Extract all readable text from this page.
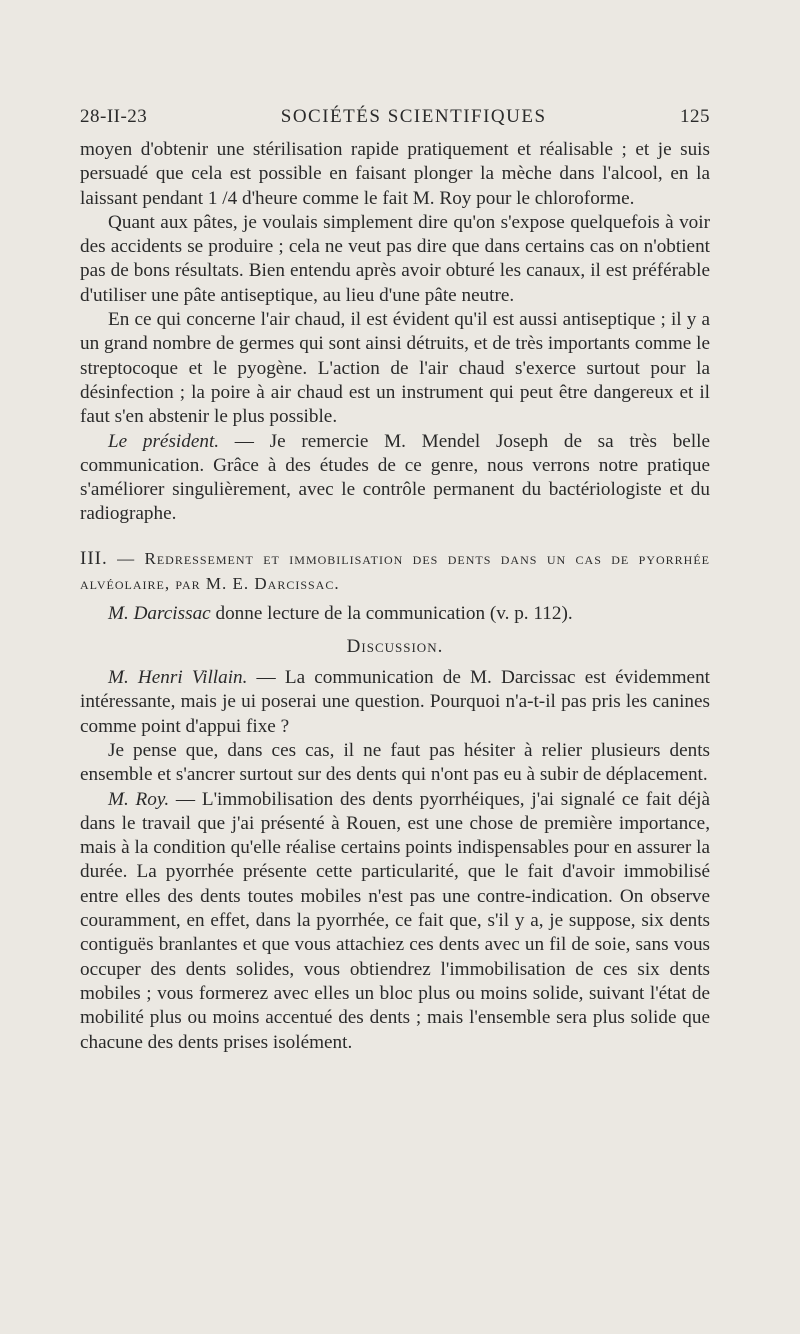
28-II-23	SOCIÉTÉS SCIENTIFIQUES	125

moyen d'obtenir une stérilisation rapide pratiquement et réalisable ; et je suis persuadé que cela est possible en faisant plonger la mèche dans l'alcool, en la laissant pendant 1 /4 d'heure comme le fait M. Roy pour le chloroforme.

Quant aux pâtes, je voulais simplement dire qu'on s'expose quelquefois à voir des accidents se produire ; cela ne veut pas dire que dans certains cas on n'obtient pas de bons résultats. Bien entendu après avoir obturé les canaux, il est préférable d'utiliser une pâte antiseptique, au lieu d'une pâte neutre.

En ce qui concerne l'air chaud, il est évident qu'il est aussi antiseptique ; il y a un grand nombre de germes qui sont ainsi détruits, et de très importants comme le streptocoque et le pyogène. L'action de l'air chaud s'exerce surtout pour la désinfection ; la poire à air chaud est un instrument qui peut être dangereux et il faut s'en abstenir le plus possible.

Le président. — Je remercie M. Mendel Joseph de sa très belle communication. Grâce à des études de ce genre, nous verrons notre pratique s'améliorer singulièrement, avec le contrôle permanent du bactériologiste et du radiographe.

III. — Redressement et immobilisation des dents dans un cas de pyorrhée alvéolaire, par M. E. Darcissac.

M. Darcissac donne lecture de la communication (v. p. 112).

Discussion.

M. Henri Villain. — La communication de M. Darcissac est évidemment intéressante, mais je ui poserai une question. Pourquoi n'a-t-il pas pris les canines comme point d'appui fixe ?

Je pense que, dans ces cas, il ne faut pas hésiter à relier plusieurs dents ensemble et s'ancrer surtout sur des dents qui n'ont pas eu à subir de déplacement.

M. Roy. — L'immobilisation des dents pyorrhéiques, j'ai signalé ce fait déjà dans le travail que j'ai présenté à Rouen, est une chose de première importance, mais à la condition qu'elle réalise certains points indispensables pour en assurer la durée. La pyorrhée présente cette particularité, que le fait d'avoir immobilisé entre elles des dents toutes mobiles n'est pas une contre-indication. On observe couramment, en effet, dans la pyorrhée, ce fait que, s'il y a, je suppose, six dents contiguës branlantes et que vous attachiez ces dents avec un fil de soie, sans vous occuper des dents solides, vous obtiendrez l'immobilisation de ces six dents mobiles ; vous formerez avec elles un bloc plus ou moins solide, suivant l'état de mobilité plus ou moins accentué des dents ; mais l'ensemble sera plus solide que chacune des dents prises isolément.
